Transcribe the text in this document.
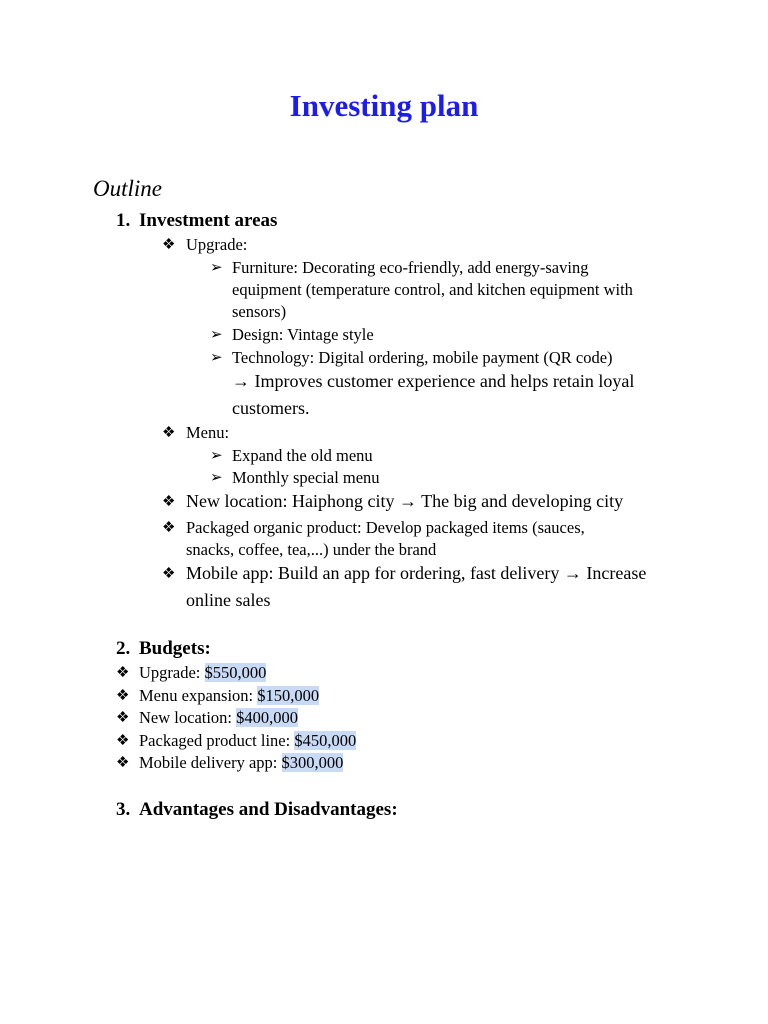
Investing plan
Outline
1. Investment areas
❖ Upgrade:
➢ Furniture: Decorating eco-friendly, add energy-saving
equipment (temperature control, and kitchen equipment with
sensors)
➢ Design: Vintage style
➢ Technology: Digital ordering, mobile payment (QR code)
→ Improves customer experience and helps retain loyal
customers.
❖ Menu:
➢ Expand the old menu
➢ Monthly special menu
❖ New location: Haiphong city → The big and developing city
❖ Packaged organic product: Develop packaged items (sauces,
snacks, coffee, tea,...) under the brand
❖ Mobile app: Build an app for ordering, fast delivery → Increase
online sales
2. Budgets:
❖ Upgrade: $550,000
❖ Menu expansion: $150,000
❖ New location: $400,000
❖ Packaged product line: $450,000
❖ Mobile delivery app: $300,000
3. Advantages and Disadvantages:
